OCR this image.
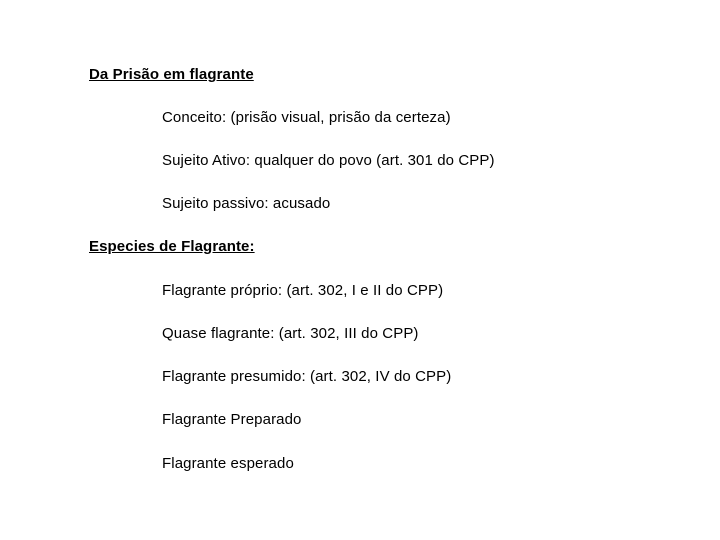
Da Prisão em flagrante
Conceito: (prisão visual, prisão da certeza)
Sujeito Ativo: qualquer do povo (art. 301 do CPP)
Sujeito passivo: acusado
Especies de Flagrante:
Flagrante próprio: (art. 302, I e II do CPP)
Quase flagrante: (art. 302, III do CPP)
Flagrante presumido: (art. 302, IV do CPP)
Flagrante Preparado
Flagrante esperado
